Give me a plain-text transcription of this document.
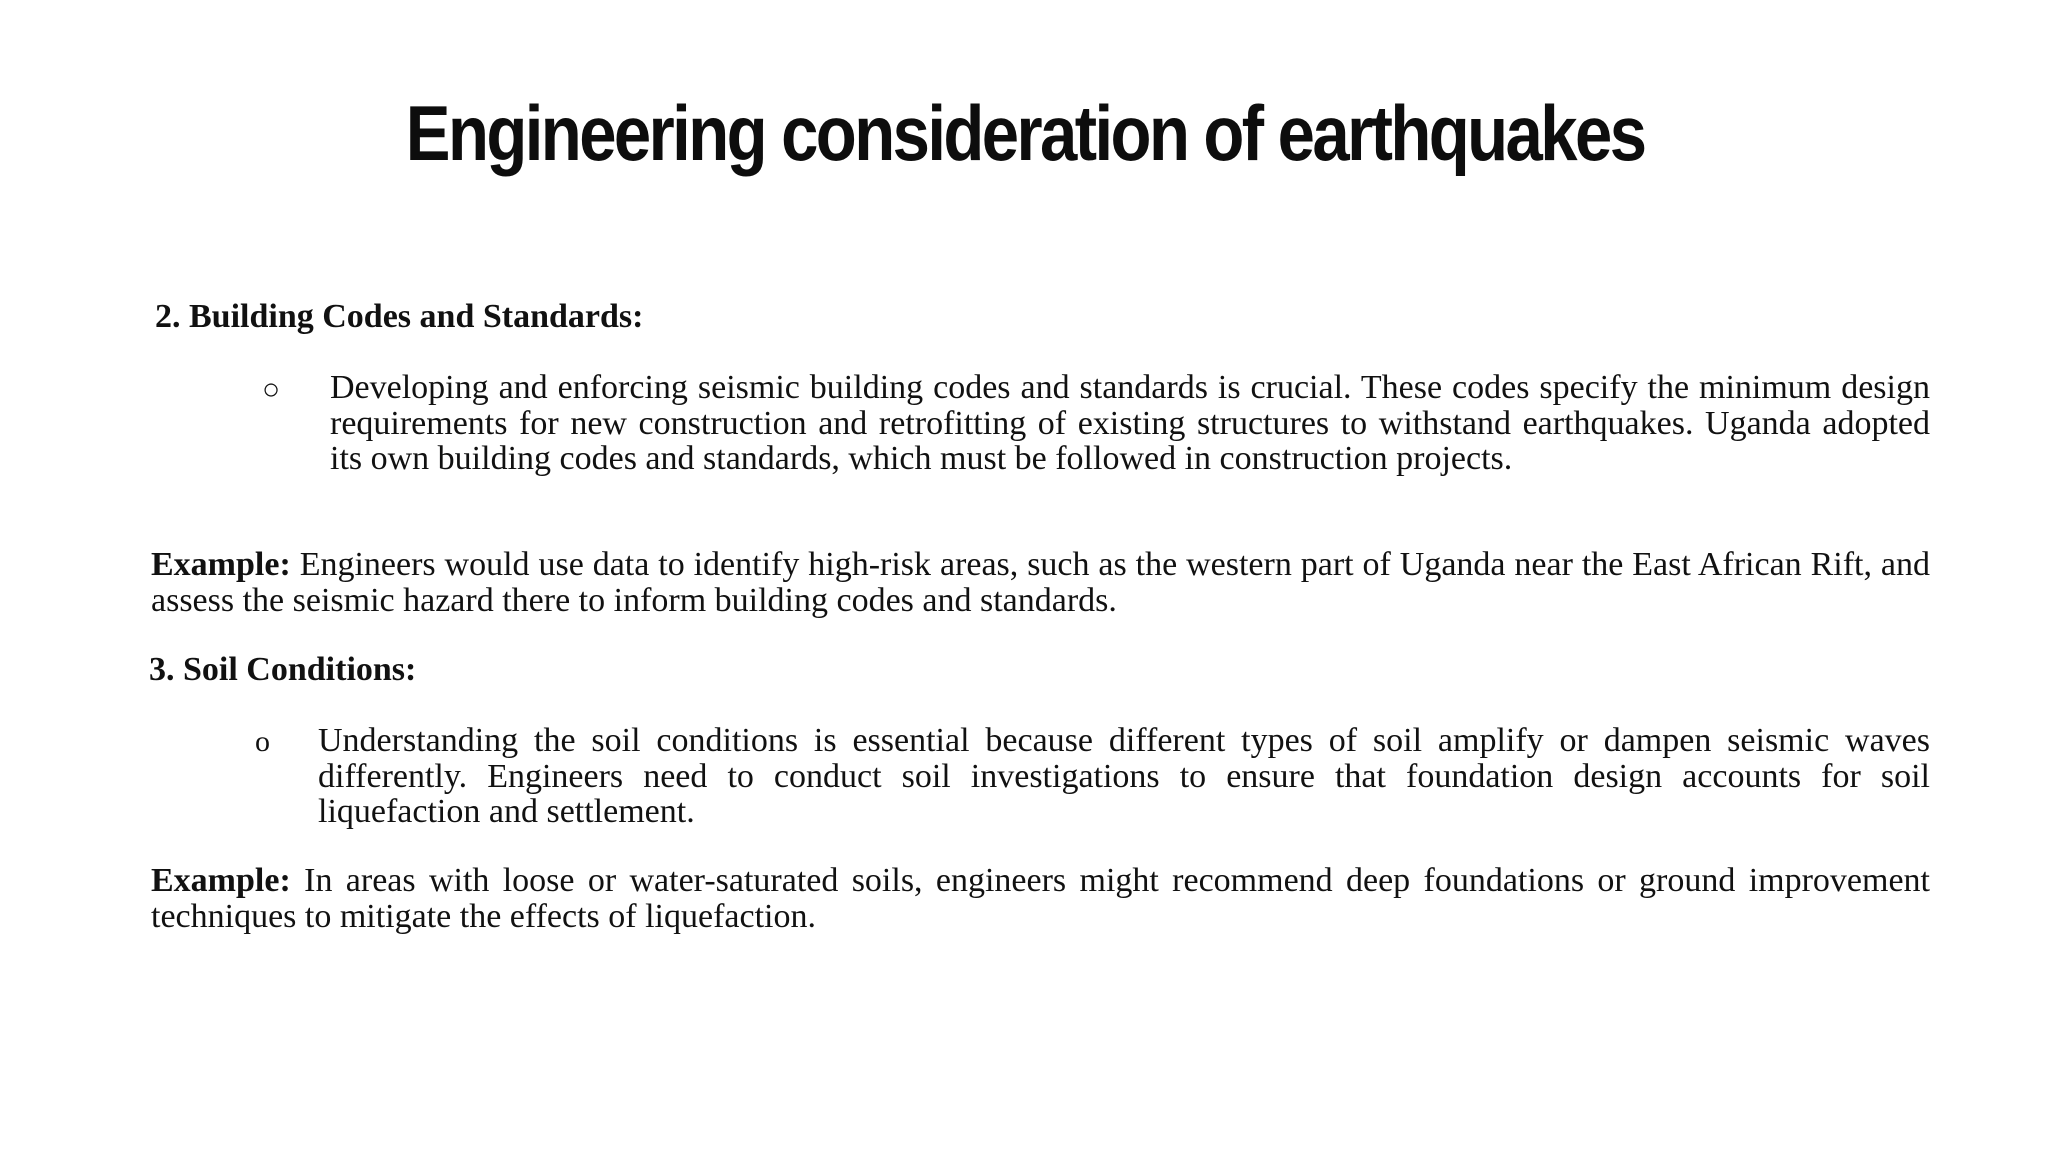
Engineering consideration of earthquakes
2. Building Codes and Standards:
○ Developing and enforcing seismic building codes and standards is crucial. These codes specify the minimum design requirements for new construction and retrofitting of existing structures to withstand earthquakes. Uganda adopted its own building codes and standards, which must be followed in construction projects.
Example: Engineers would use data to identify high-risk areas, such as the western part of Uganda near the East African Rift, and assess the seismic hazard there to inform building codes and standards.
3. Soil Conditions:
o Understanding the soil conditions is essential because different types of soil amplify or dampen seismic waves differently. Engineers need to conduct soil investigations to ensure that foundation design accounts for soil liquefaction and settlement.
Example: In areas with loose or water-saturated soils, engineers might recommend deep foundations or ground improvement techniques to mitigate the effects of liquefaction.
